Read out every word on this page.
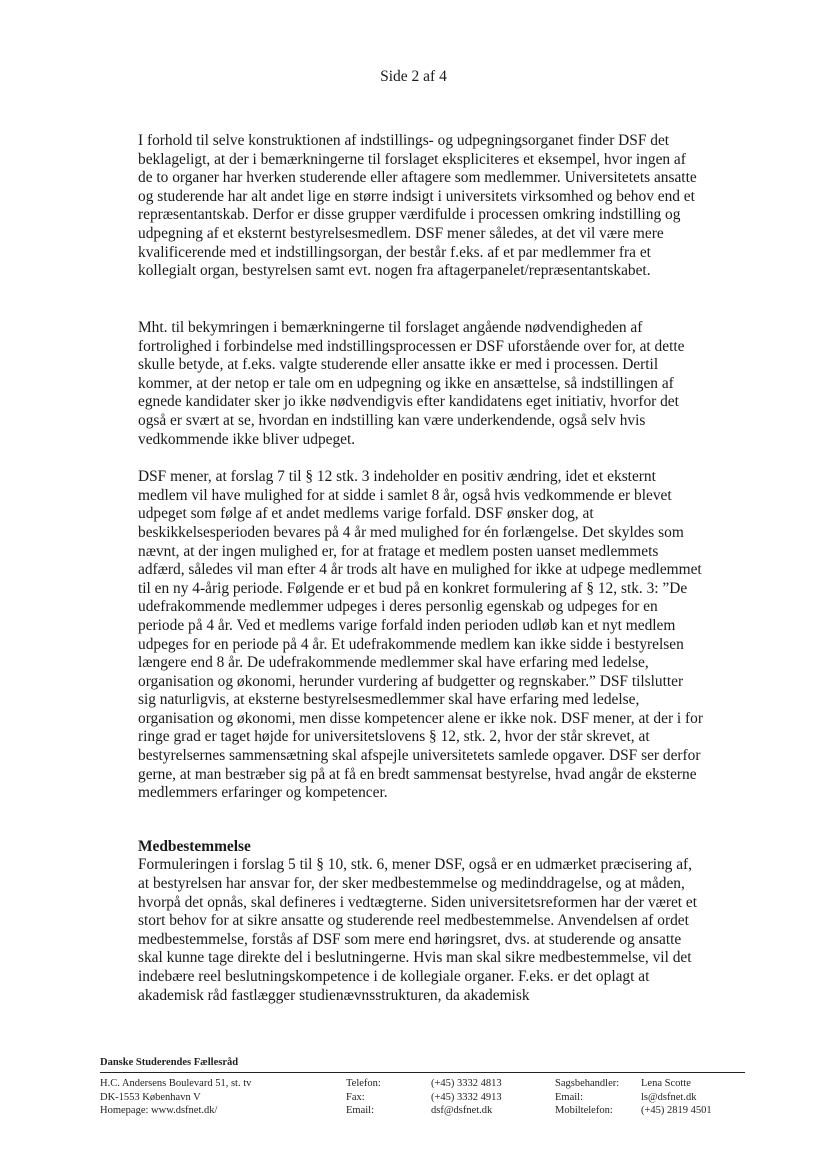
Side 2 af 4

I forhold til selve konstruktionen af indstillings- og udpegningsorganet finder DSF det beklageligt, at der i bemærkningerne til forslaget ekspliciteres et eksempel, hvor ingen af de to organer har hverken studerende eller aftagere som medlemmer. Universitetets ansatte og studerende har alt andet lige en større indsigt i universitets virksomhed og behov end et repræsentantskab. Derfor er disse grupper værdifulde i processen omkring indstilling og udpegning af et eksternt bestyrelsesmedlem. DSF mener således, at det vil være mere kvalificerende med et indstillingsorgan, der består f.eks. af et par medlemmer fra et kollegialt organ, bestyrelsen samt evt. nogen fra aftagerpanelet/repræsentantskabet.

Mht. til bekymringen i bemærkningerne til forslaget angående nødvendigheden af fortrolighed i forbindelse med indstillingsprocessen er DSF uforstående over for, at dette skulle betyde, at f.eks. valgte studerende eller ansatte ikke er med i processen. Dertil kommer, at der netop er tale om en udpegning og ikke en ansættelse, så indstillingen af egnede kandidater sker jo ikke nødvendigvis efter kandidatens eget initiativ, hvorfor det også er svært at se, hvordan en indstilling kan være underkendende, også selv hvis vedkommende ikke bliver udpeget.

DSF mener, at forslag 7 til § 12 stk. 3 indeholder en positiv ændring, idet et eksternt medlem vil have mulighed for at sidde i samlet 8 år, også hvis vedkommende er blevet udpeget som følge af et andet medlems varige forfald. DSF ønsker dog, at beskikkelsesperioden bevares på 4 år med mulighed for én forlængelse. Det skyldes som nævnt, at der ingen mulighed er, for at fratage et medlem posten uanset medlemmets adfærd, således vil man efter 4 år trods alt have en mulighed for ikke at udpege medlemmet til en ny 4-årig periode. Følgende er et bud på en konkret formulering af § 12, stk. 3: ”De udefrakommende medlemmer udpeges i deres personlig egenskab og udpeges for en periode på 4 år. Ved et medlems varige forfald inden perioden udløb kan et nyt medlem udpeges for en periode på 4 år. Et udefrakommende medlem kan ikke sidde i bestyrelsen længere end 8 år. De udefrakommende medlemmer skal have erfaring med ledelse, organisation og økonomi, herunder vurdering af budgetter og regnskaber.” DSF tilslutter sig naturligvis, at eksterne bestyrelsesmedlemmer skal have erfaring med ledelse, organisation og økonomi, men disse kompetencer alene er ikke nok. DSF mener, at der i for ringe grad er taget højde for universitetslovens § 12, stk. 2, hvor der står skrevet, at bestyrelsernes sammensætning skal afspejle universitetets samlede opgaver. DSF ser derfor gerne, at man bestræber sig på at få en bredt sammensat bestyrelse, hvad angår de eksterne medlemmers erfaringer og kompetencer.

Medbestemmelse

Formuleringen i forslag 5 til § 10, stk. 6, mener DSF, også er en udmærket præcisering af, at bestyrelsen har ansvar for, der sker medbestemmelse og medinddragelse, og at måden, hvorpå det opnås, skal defineres i vedtægterne. Siden universitetsreformen har der været et stort behov for at sikre ansatte og studerende reel medbestemmelse. Anvendelsen af ordet medbestemmelse, forstås af DSF som mere end høringsret, dvs. at studerende og ansatte skal kunne tage direkte del i beslutningerne. Hvis man skal sikre medbestemmelse, vil det indebære reel beslutningskompetence i de kollegiale organer. F.eks. er det oplagt at akademisk råd fastlægger studienævnsstrukturen, da akademisk

Danske Studerendes Fællesråd
H.C. Andersens Boulevard 51, st. tv
DK-1553 København V
Homepage: www.dsfnet.dk/
Telefon:
Fax:
Email:
(+45) 3332 4813
(+45) 3332 4913
dsf@dsfnet.dk
Sagsbehandler:
Email:
Mobiltelefon:
Lena Scotte
ls@dsfnet.dk
(+45) 2819 4501
